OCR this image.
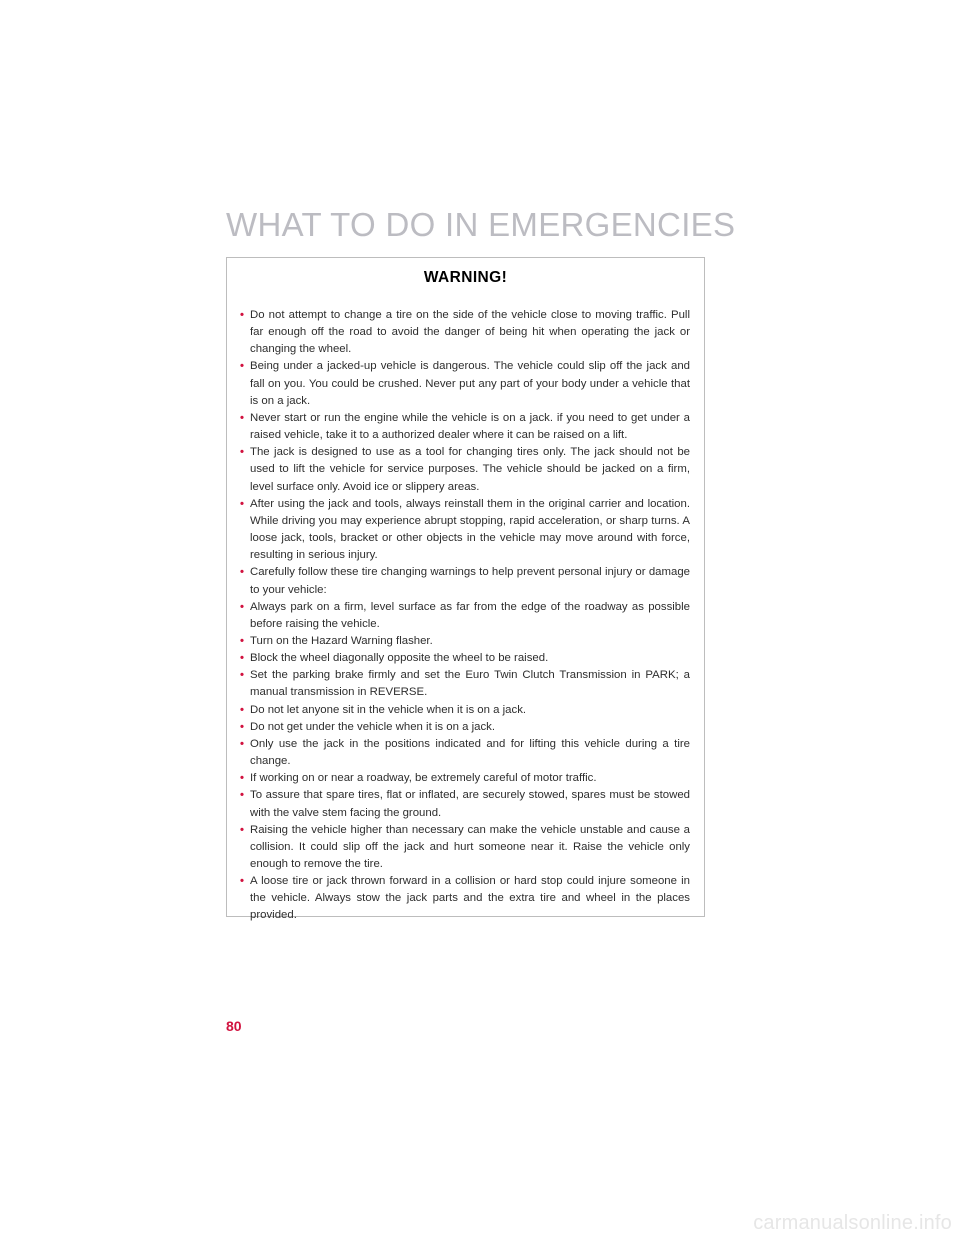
WHAT TO DO IN EMERGENCIES
WARNING!
• Do not attempt to change a tire on the side of the vehicle close to moving traffic. Pull far enough off the road to avoid the danger of being hit when operating the jack or changing the wheel.
• Being under a jacked-up vehicle is dangerous. The vehicle could slip off the jack and fall on you. You could be crushed. Never put any part of your body under a vehicle that is on a jack.
• Never start or run the engine while the vehicle is on a jack. if you need to get under a raised vehicle, take it to a authorized dealer where it can be raised on a lift.
• The jack is designed to use as a tool for changing tires only. The jack should not be used to lift the vehicle for service purposes. The vehicle should be jacked on a firm, level surface only. Avoid ice or slippery areas.
• After using the jack and tools, always reinstall them in the original carrier and location. While driving you may experience abrupt stopping, rapid acceleration, or sharp turns. A loose jack, tools, bracket or other objects in the vehicle may move around with force, resulting in serious injury.
• Carefully follow these tire changing warnings to help prevent personal injury or damage to your vehicle:
• Always park on a firm, level surface as far from the edge of the roadway as possible before raising the vehicle.
• Turn on the Hazard Warning flasher.
• Block the wheel diagonally opposite the wheel to be raised.
• Set the parking brake firmly and set the Euro Twin Clutch Transmission in PARK; a manual transmission in REVERSE.
• Do not let anyone sit in the vehicle when it is on a jack.
• Do not get under the vehicle when it is on a jack.
• Only use the jack in the positions indicated and for lifting this vehicle during a tire change.
• If working on or near a roadway, be extremely careful of motor traffic.
• To assure that spare tires, flat or inflated, are securely stowed, spares must be stowed with the valve stem facing the ground.
• Raising the vehicle higher than necessary can make the vehicle unstable and cause a collision. It could slip off the jack and hurt someone near it. Raise the vehicle only enough to remove the tire.
• A loose tire or jack thrown forward in a collision or hard stop could injure someone in the vehicle. Always stow the jack parts and the extra tire and wheel in the places provided.
80
carmanualsonline.info
